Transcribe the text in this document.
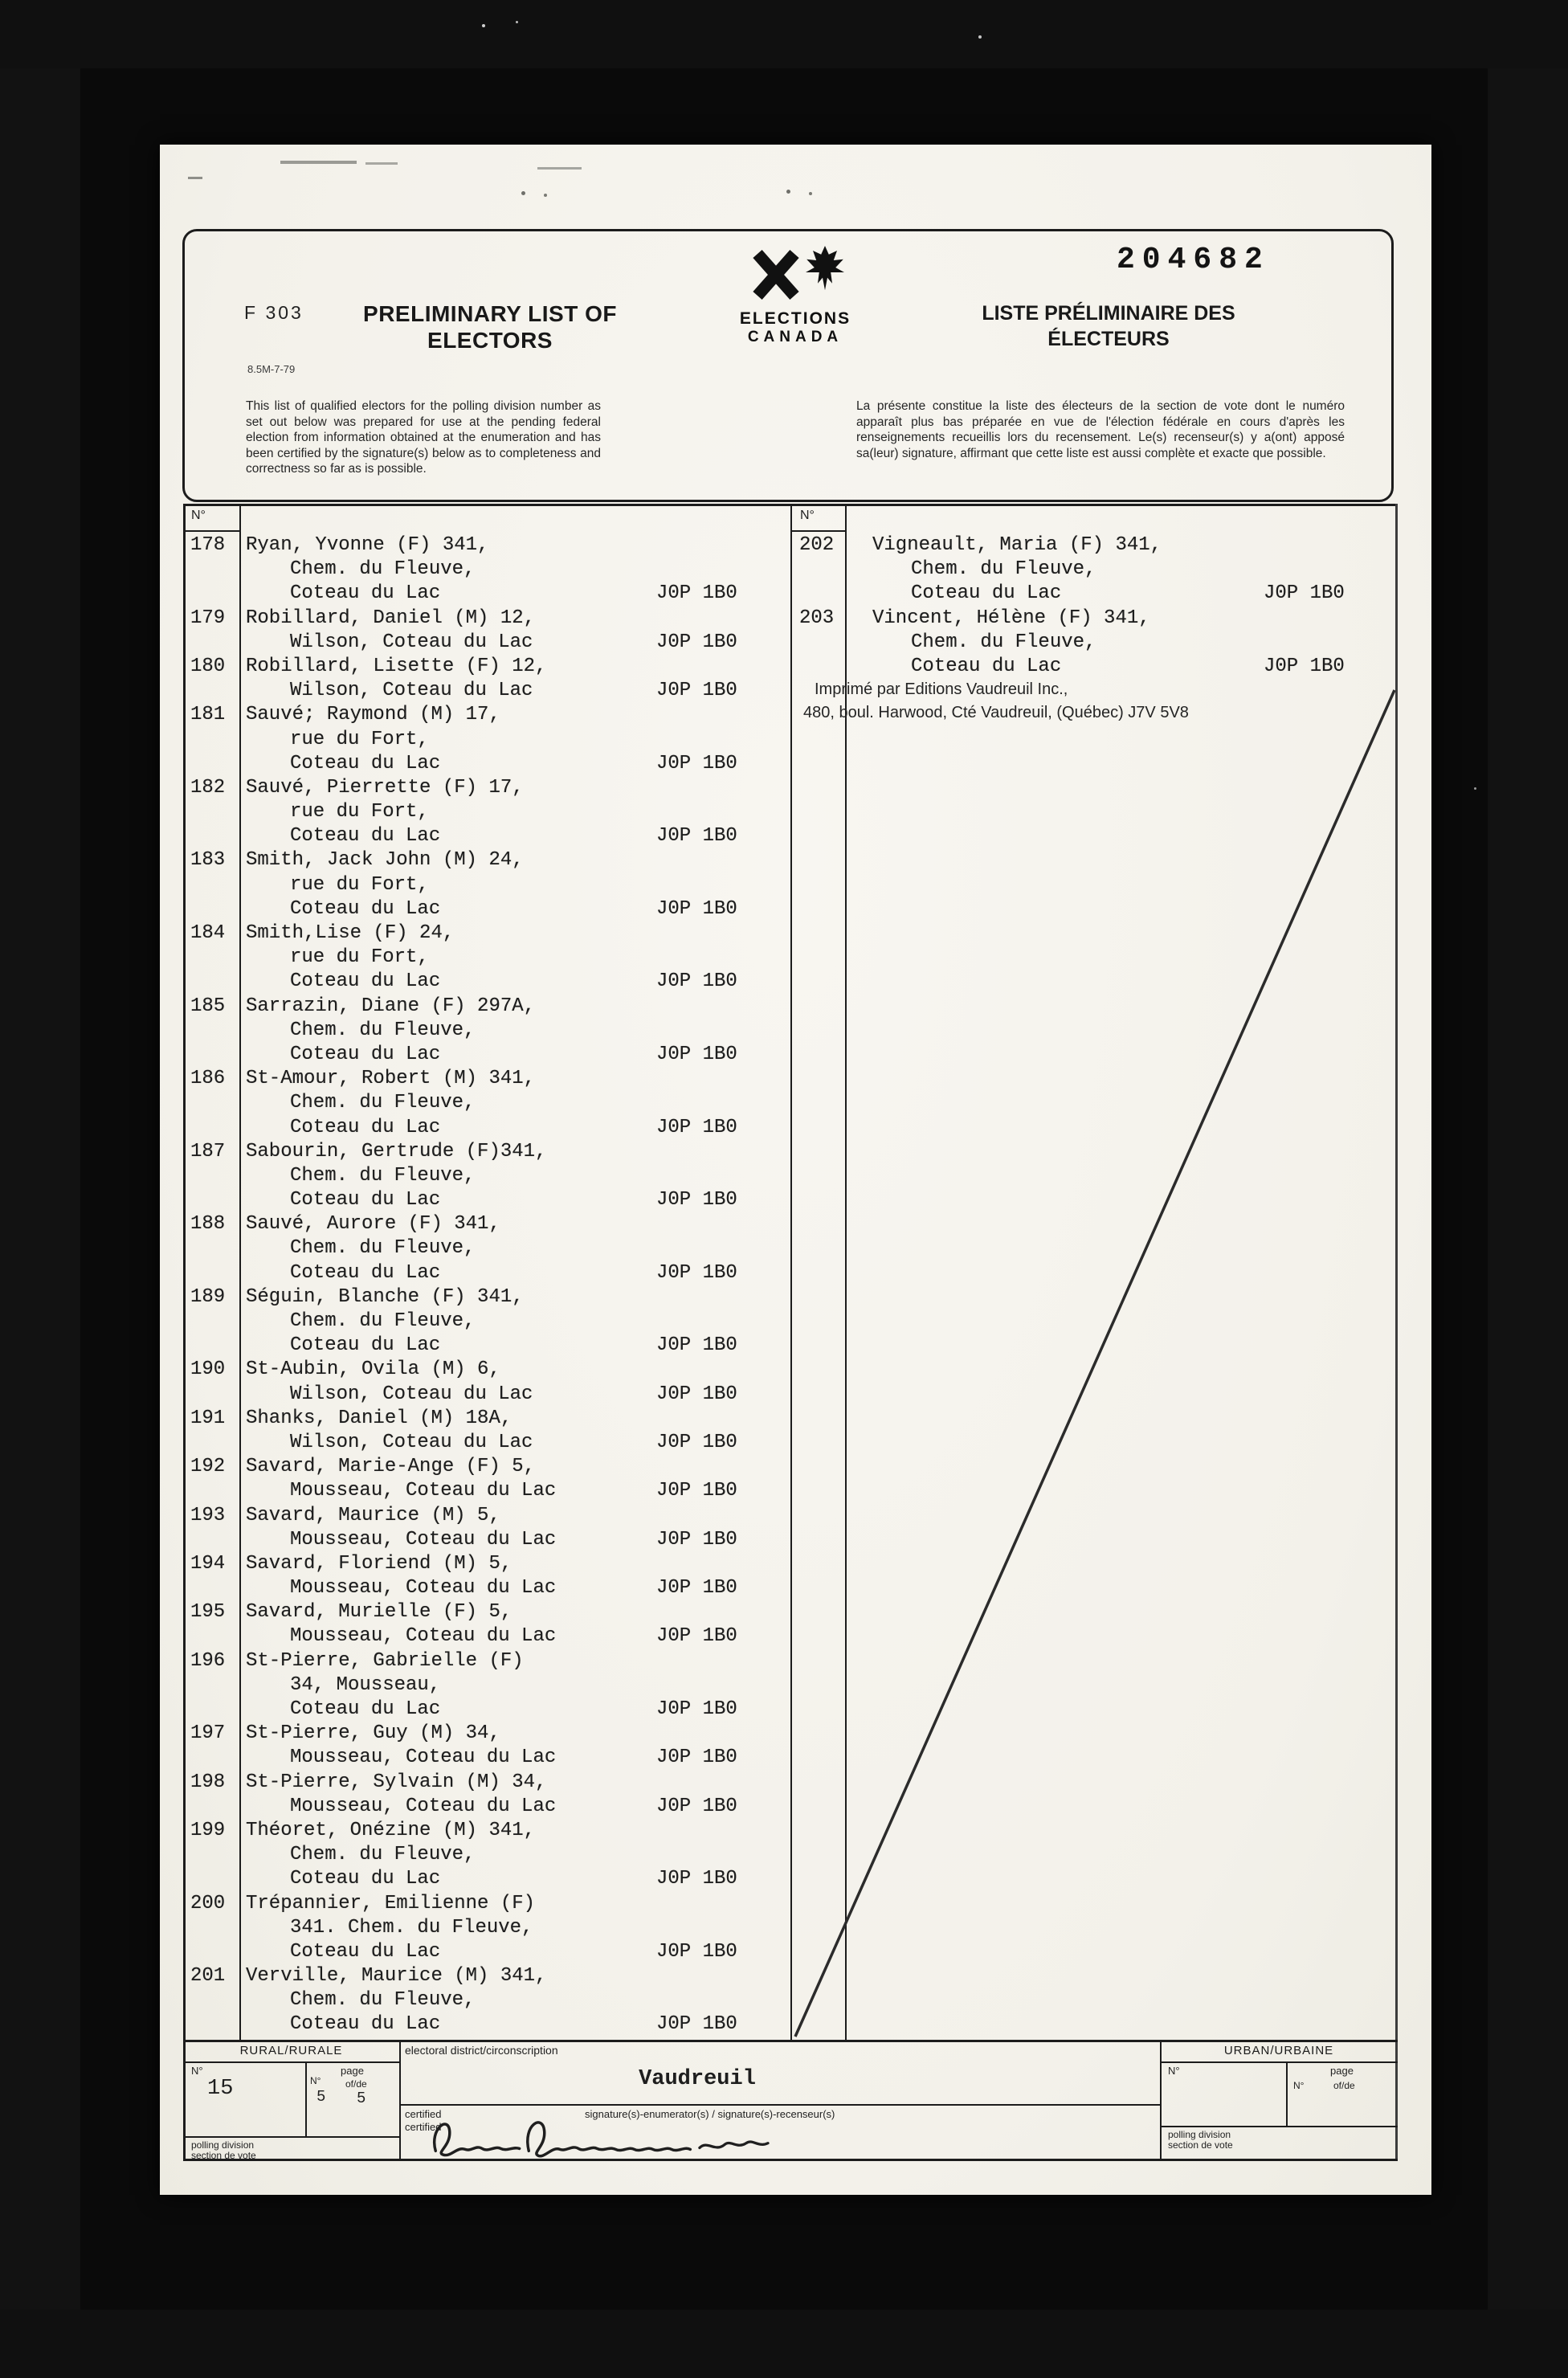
204682
F 303
8.5M-7-79
PRELIMINARY LIST OF
ELECTORS
ELECTIONS
CANADA
LISTE PRÉLIMINAIRE DES
ÉLECTEURS
This list of qualified electors for the polling division number as set out below was prepared for use at the pending federal election from information obtained at the enumeration and has been certified by the signature(s) below as to completeness and correctness so far as is possible.
La présente constitue la liste des électeurs de la section de vote dont le numéro apparaît plus bas préparée en vue de l'élection fédérale en cours d'après les renseignements recueillis lors du recensement. Le(s) recenseur(s) y a(ont) apposé sa(leur) signature, affirmant que cette liste est aussi complète et exacte que possible.
N°	N°
178 Ryan, Yvonne (F) 341,
Chem. du Fleuve,
Coteau du Lac	J0P 1B0
179 Robillard, Daniel (M) 12,
Wilson, Coteau du Lac	J0P 1B0
180 Robillard, Lisette (F) 12,
Wilson, Coteau du Lac	J0P 1B0
181 Sauvé; Raymond (M) 17,
rue du Fort,
Coteau du Lac	J0P 1B0
182 Sauvé, Pierrette (F) 17,
rue du Fort,
Coteau du Lac	J0P 1B0
183 Smith, Jack John (M) 24,
rue du Fort,
Coteau du Lac	J0P 1B0
184 Smith,Lise (F) 24,
rue du Fort,
Coteau du Lac	J0P 1B0
185 Sarrazin, Diane (F) 297A,
Chem. du Fleuve,
Coteau du Lac	J0P 1B0
186 St-Amour, Robert (M) 341,
Chem. du Fleuve,
Coteau du Lac	J0P 1B0
187 Sabourin, Gertrude (F)341,
Chem. du Fleuve,
Coteau du Lac	J0P 1B0
188 Sauvé, Aurore (F) 341,
Chem. du Fleuve,
Coteau du Lac	J0P 1B0
189 Séguin, Blanche (F) 341,
Chem. du Fleuve,
Coteau du Lac	J0P 1B0
190 St-Aubin, Ovila (M) 6,
Wilson, Coteau du Lac	J0P 1B0
191 Shanks, Daniel (M) 18A,
Wilson, Coteau du Lac	J0P 1B0
192 Savard, Marie-Ange (F) 5,
Mousseau, Coteau du Lac	J0P 1B0
193 Savard, Maurice (M) 5,
Mousseau, Coteau du Lac	J0P 1B0
194 Savard, Floriend (M) 5,
Mousseau, Coteau du Lac	J0P 1B0
195 Savard, Murielle (F) 5,
Mousseau, Coteau du Lac	J0P 1B0
196 St-Pierre, Gabrielle (F)
34, Mousseau,
Coteau du Lac	J0P 1B0
197 St-Pierre, Guy (M) 34,
Mousseau, Coteau du Lac	J0P 1B0
198 St-Pierre, Sylvain (M) 34,
Mousseau, Coteau du Lac	J0P 1B0
199 Théoret, Onézine (M) 341,
Chem. du Fleuve,
Coteau du Lac	J0P 1B0
200 Trépannier, Emilienne (F)
341. Chem. du Fleuve,
Coteau du Lac	J0P 1B0
201 Verville, Maurice (M) 341,
Chem. du Fleuve,
Coteau du Lac	J0P 1B0
202 Vigneault, Maria (F) 341,
Chem. du Fleuve,
Coteau du Lac	J0P 1B0
203 Vincent, Hélène (F) 341,
Chem. du Fleuve,
Coteau du Lac	J0P 1B0
Imprimé par Editions Vaudreuil Inc.,
480, boul. Harwood, Cté Vaudreuil, (Québec) J7V 5V8
RURAL/RURALE
N°	page
15	N°
5
of/de
5
polling division
section de vote
electoral district/circonscription
Vaudreuil
certified
certified
signature(s)-enumerator(s) / signature(s)-recenseur(s)
URBAN/URBAINE
N°	page
N°	of/de
polling division
section de vote
